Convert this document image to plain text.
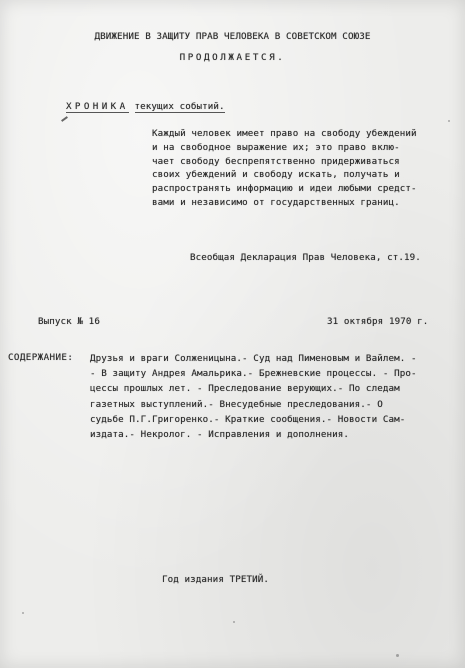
ДВИЖЕНИЕ В ЗАЩИТУ ПРАВ ЧЕЛОВЕКА В СОВЕТСКОМ СОЮЗЕ
ПРОДОЛЖАЕТСЯ.
ХРОНИКА текущих событий.
Каждый человек имеет право на свободу убеждений
и на свободное выражение их; это право вклю-
чает свободу беспрепятственно придерживаться
своих убеждений и свободу искать, получать и
распространять информацию и идеи любыми средст-
вами и независимо от государственных границ.
Всеобщая Декларация Прав Человека, ст.19.
Выпуск № 16	31 октября 1970 г.
СОДЕРЖАНИЕ: Друзья и враги Солженицына.- Суд над Пименовым и Вайлем. -
- В защиту Андрея Амальрика.- Брежневские процессы. - Про-
цессы прошлых лет. - Преследование верующих.- По следам
газетных выступлений.- Внесудебные преследования.- О
судьбе П.Г.Григоренко.- Краткие сообщения.- Новости Сам-
издата.- Некролог. - Исправления и дополнения.
Год издания ТРЕТИЙ.
